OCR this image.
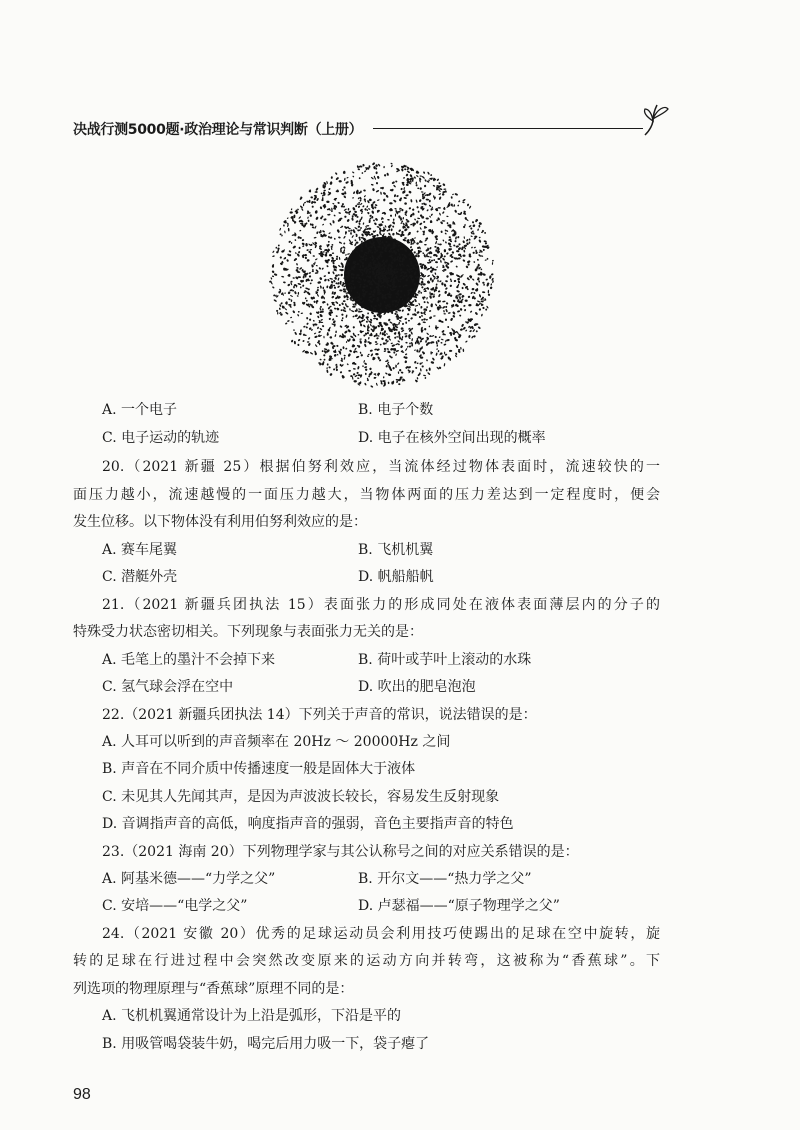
决战行测5000题·政治理论与常识判断（上册）
A. 一个电子	B. 电子个数
C. 电子运动的轨迹	D. 电子在核外空间出现的概率
20.（2021 新疆 25）根据伯努利效应，当流体经过物体表面时，流速较快的一
面压力越小，流速越慢的一面压力越大，当物体两面的压力差达到一定程度时，便会
发生位移。以下物体没有利用伯努利效应的是：
A. 赛车尾翼	B. 飞机机翼
C. 潜艇外壳	D. 帆船船帆
21.（2021 新疆兵团执法 15）表面张力的形成同处在液体表面薄层内的分子的
特殊受力状态密切相关。下列现象与表面张力无关的是：
A. 毛笔上的墨汁不会掉下来	B. 荷叶或芋叶上滚动的水珠
C. 氢气球会浮在空中	D. 吹出的肥皂泡泡
22.（2021 新疆兵团执法 14）下列关于声音的常识，说法错误的是：
A. 人耳可以听到的声音频率在 20Hz ～ 20000Hz 之间
B. 声音在不同介质中传播速度一般是固体大于液体
C. 未见其人先闻其声，是因为声波波长较长，容易发生反射现象
D. 音调指声音的高低，响度指声音的强弱，音色主要指声音的特色
23.（2021 海南 20）下列物理学家与其公认称号之间的对应关系错误的是：
A. 阿基米德——“力学之父”	B. 开尔文——“热力学之父”
C. 安培——“电学之父”	D. 卢瑟福——“原子物理学之父”
24.（2021 安徽 20）优秀的足球运动员会利用技巧使踢出的足球在空中旋转，旋
转的足球在行进过程中会突然改变原来的运动方向并转弯，这被称为“香蕉球”。下
列选项的物理原理与“香蕉球”原理不同的是：
A. 飞机机翼通常设计为上沿是弧形，下沿是平的
B. 用吸管喝袋装牛奶，喝完后用力吸一下，袋子瘪了
98
